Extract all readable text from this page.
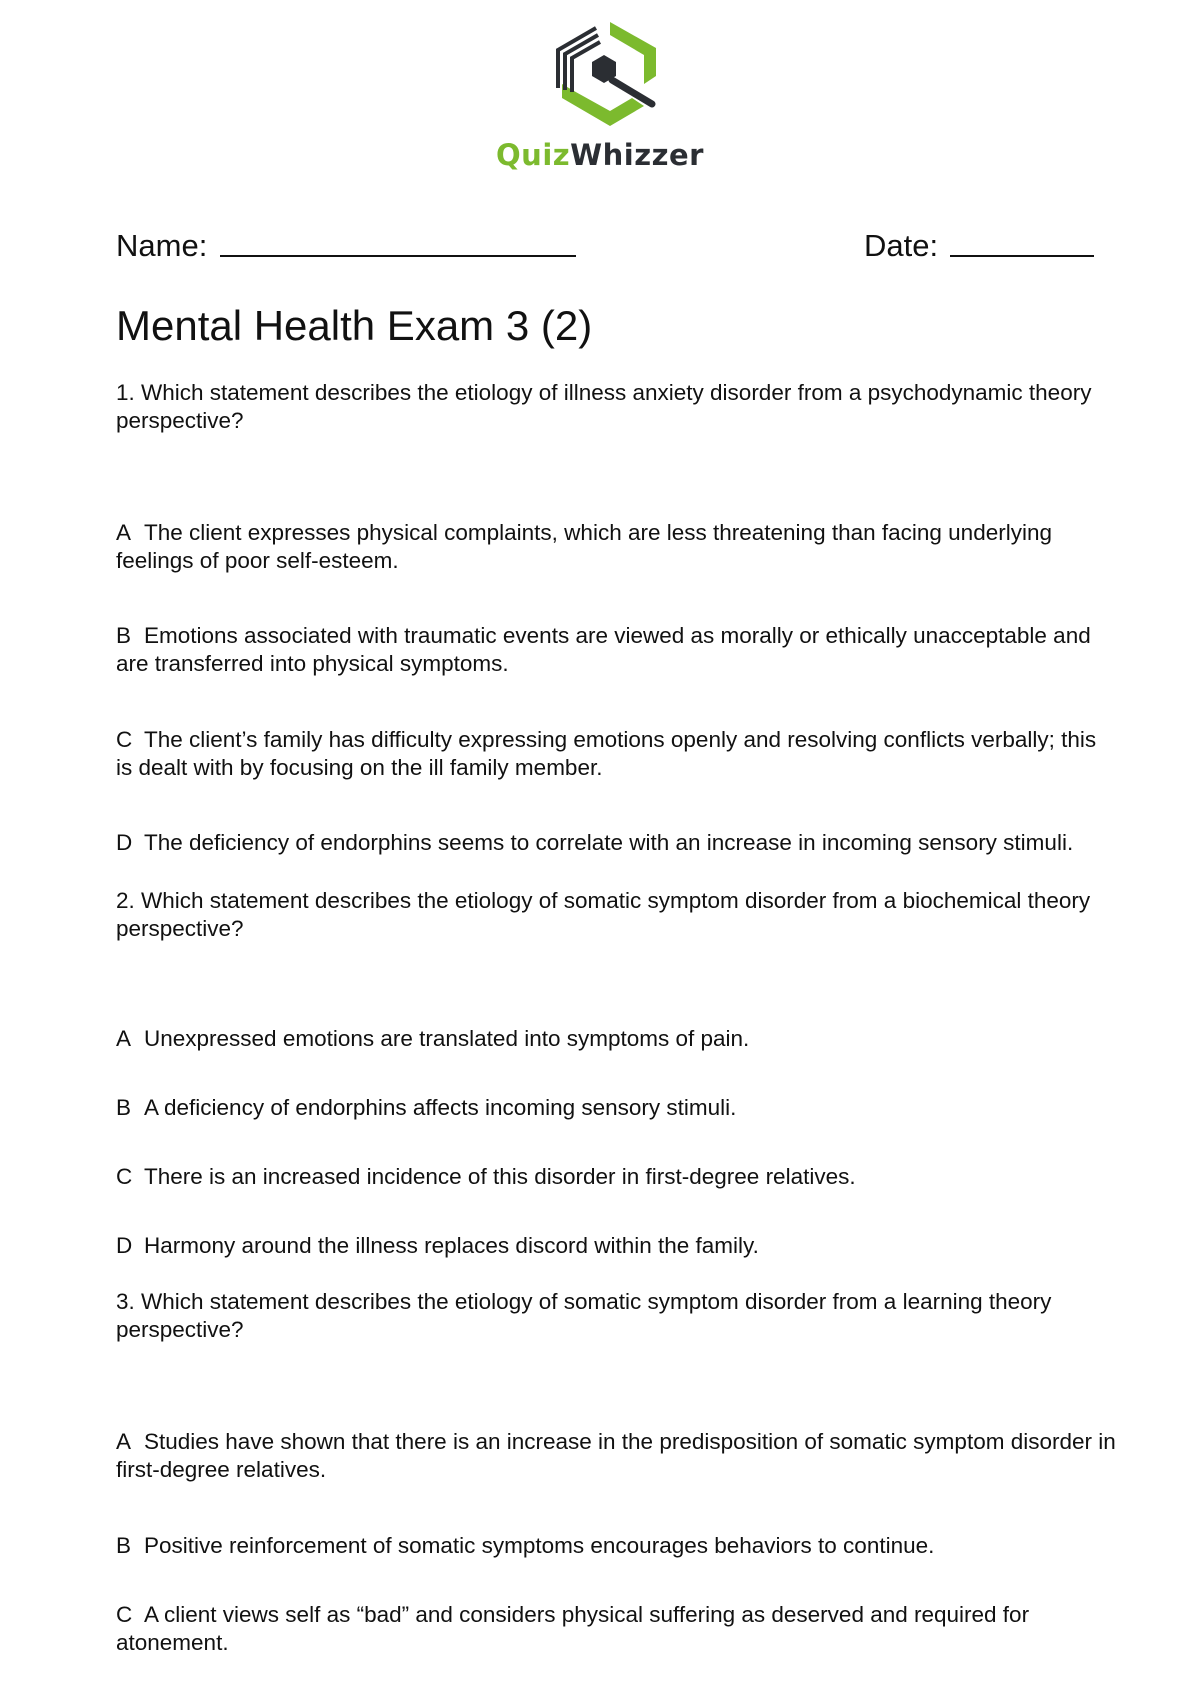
QuizWhizzer
Name:	Date:
Mental Health Exam 3 (2)
1. Which statement describes the etiology of illness anxiety disorder from a psychodynamic theory perspective?
A The client expresses physical complaints, which are less threatening than facing underlying feelings of poor self-esteem.
B Emotions associated with traumatic events are viewed as morally or ethically unacceptable and are transferred into physical symptoms.
C The client’s family has difficulty expressing emotions openly and resolving conflicts verbally; this is dealt with by focusing on the ill family member.
D The deficiency of endorphins seems to correlate with an increase in incoming sensory stimuli.
2. Which statement describes the etiology of somatic symptom disorder from a biochemical theory perspective?
A Unexpressed emotions are translated into symptoms of pain.
B A deficiency of endorphins affects incoming sensory stimuli.
C There is an increased incidence of this disorder in first-degree relatives.
D Harmony around the illness replaces discord within the family.
3. Which statement describes the etiology of somatic symptom disorder from a learning theory perspective?
A Studies have shown that there is an increase in the predisposition of somatic symptom disorder in first-degree relatives.
B Positive reinforcement of somatic symptoms encourages behaviors to continue.
C A client views self as “bad” and considers physical suffering as deserved and required for atonement.
